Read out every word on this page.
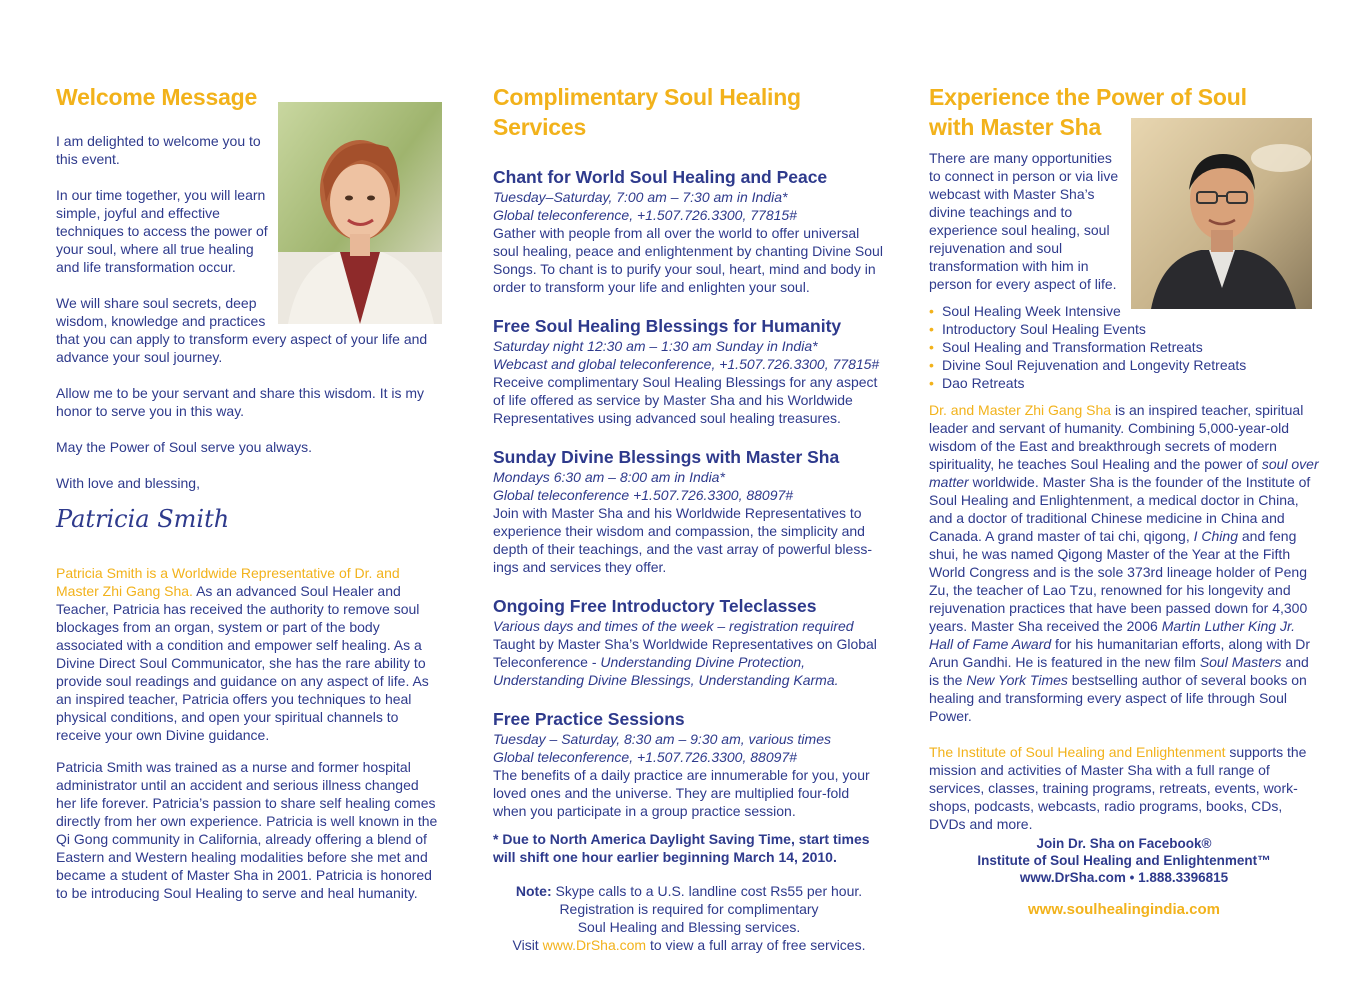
Welcome Message

I am delighted to welcome you to this event.

In our time together, you will learn simple, joyful and effective techniques to access the power of your soul, where all true healing and life transformation occur.

We will share soul secrets, deep wisdom, knowledge and practices that you can apply to transform every aspect of your life and advance your soul journey.

Allow me to be your servant and share this wisdom. It is my honor to serve you in this way.

May the Power of Soul serve you always.

With love and blessing,

Patricia Smith

Patricia Smith is a Worldwide Representative of Dr. and Master Zhi Gang Sha. As an advanced Soul Healer and Teacher, Patricia has received the authority to remove soul blockages from an organ, system or part of the body associated with a condition and empower self healing. As a Divine Direct Soul Communicator, she has the rare ability to provide soul readings and guidance on any aspect of life. As an inspired teacher, Patricia offers you techniques to heal physical conditions, and open your spiritual channels to receive your own Divine guidance.

Patricia Smith was trained as a nurse and former hospital administrator until an accident and serious illness changed her life forever. Patricia’s passion to share self healing comes directly from her own experience. Patricia is well known in the Qi Gong community in California, already offering a blend of Eastern and Western healing modalities before she met and became a student of Master Sha in 2001. Patricia is honored to be introducing Soul Healing to serve and heal humanity.

Complimentary Soul Healing Services
Chant for World Soul Healing and Peace

Tuesday–Saturday, 7:00 am – 7:30 am in India*

Global teleconference, +1.507.726.3300, 77815#

Gather with people from all over the world to offer universal soul healing, peace and enlightenment by chanting Divine Soul Songs. To chant is to purify your soul, heart, mind and body in order to transform your life and enlighten your soul.

Free Soul Healing Blessings for Humanity

Saturday night 12:30 am – 1:30 am Sunday in India*

Webcast and global teleconference, +1.507.726.3300, 77815#

Receive complimentary Soul Healing Blessings for any aspect of life offered as service by Master Sha and his Worldwide Representatives using advanced soul healing treasures.

Sunday Divine Blessings with Master Sha

Mondays 6:30 am – 8:00 am in India*

Global teleconference +1.507.726.3300, 88097#

Join with Master Sha and his Worldwide Representatives to experience their wisdom and compassion, the simplicity and depth of their teachings, and the vast array of powerful bless-ings and services they offer.

Ongoing Free Introductory Teleclasses

Various days and times of the week – registration required

Taught by Master Sha’s Worldwide Representatives on Global Teleconference - Understanding Divine Protection, Understanding Divine Blessings, Understanding Karma.

Free Practice Sessions

Tuesday – Saturday, 8:30 am – 9:30 am, various times

Global teleconference, +1.507.726.3300, 88097#

The benefits of a daily practice are innumerable for you, your loved ones and the universe. They are multiplied four-fold when you participate in a group practice session.

* Due to North America Daylight Saving Time, start times will shift one hour earlier beginning March 14, 2010.

Note: Skype calls to a U.S. landline cost Rs55 per hour.

Registration is required for complimentary

Soul Healing and Blessing services.

Visit www.DrSha.com to view a full array of free services.

Experience the Power of Soul
with Master Sha

There are many opportunities to connect in person or via live webcast with Master Sha’s divine teachings and to experience soul healing, soul rejuvenation and soul transformation with him in person for every aspect of life.

• Soul Healing Week Intensive
• Introductory Soul Healing Events
• Soul Healing and Transformation Retreats
• Divine Soul Rejuvenation and Longevity Retreats
• Dao Retreats

Dr. and Master Zhi Gang Sha is an inspired teacher, spiritual leader and servant of humanity. Combining 5,000-year-old wisdom of the East and breakthrough secrets of modern spirituality, he teaches Soul Healing and the power of soul over matter worldwide. Master Sha is the founder of the Institute of Soul Healing and Enlightenment, a medical doctor in China, and a doctor of traditional Chinese medicine in China and Canada. A grand master of tai chi, qigong, I Ching and feng shui, he was named Qigong Master of the Year at the Fifth World Congress and is the sole 373rd lineage holder of Peng Zu, the teacher of Lao Tzu, renowned for his longevity and rejuvenation practices that have been passed down for 4,300 years. Master Sha received the 2006 Martin Luther King Jr. Hall of Fame Award for his humanitarian efforts, along with Dr Arun Gandhi. He is featured in the new film Soul Masters and is the New York Times bestselling author of several books on healing and transforming every aspect of life through Soul Power.

The Institute of Soul Healing and Enlightenment supports the mission and activities of Master Sha with a full range of services, classes, training programs, retreats, events, work-shops, podcasts, webcasts, radio programs, books, CDs, DVDs and more.

Join Dr. Sha on Facebook®

Institute of Soul Healing and Enlightenment™

www.DrSha.com • 1.888.3396815

www.soulhealingindia.com
